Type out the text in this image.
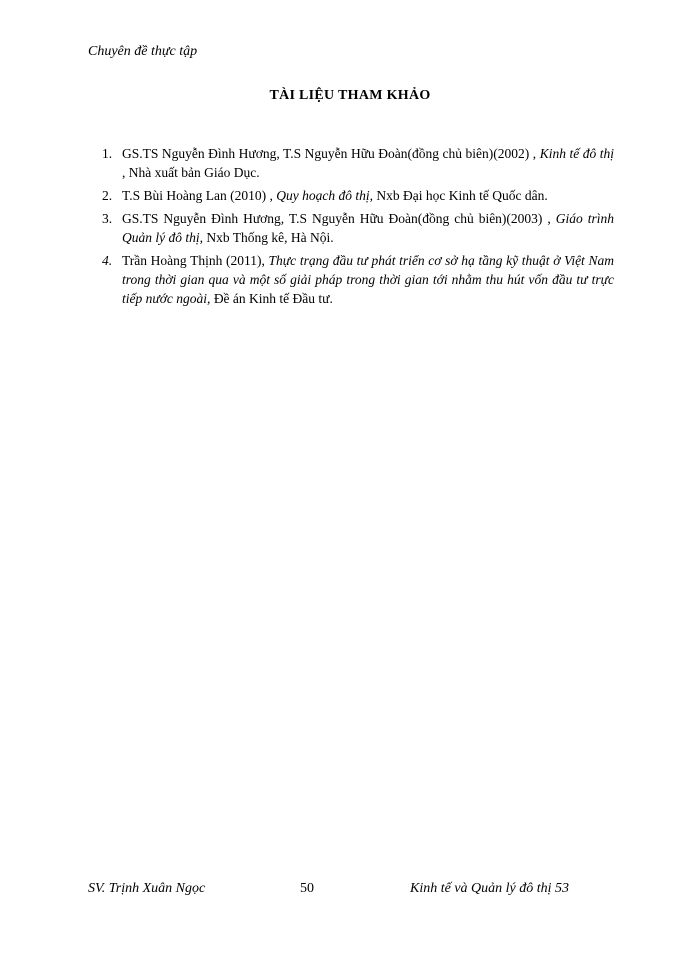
Chuyên đề thực tập
TÀI LIỆU THAM KHẢO
1. GS.TS Nguyễn Đình Hương, T.S Nguyễn Hữu Đoàn(đồng chủ biên)(2002) , Kinh tế đô thị , Nhà xuất bản Giáo Dục.
2. T.S Bùi Hoàng Lan (2010) , Quy hoạch đô thị, Nxb Đại học Kinh tế Quốc dân.
3. GS.TS Nguyễn Đình Hương, T.S Nguyễn Hữu Đoàn(đồng chủ biên)(2003) , Giáo trình Quản lý đô thị, Nxb Thống kê, Hà Nội.
4. Trần Hoàng Thịnh (2011), Thực trạng đầu tư phát triển cơ sở hạ tầng kỹ thuật ở Việt Nam trong thời gian qua và một số giải pháp trong thời gian tới nhằm thu hút vốn đầu tư trực tiếp nước ngoài, Đề án Kinh tế Đầu tư.
SV. Trịnh Xuân Ngọc	50	Kinh tế và Quản lý đô thị 53
